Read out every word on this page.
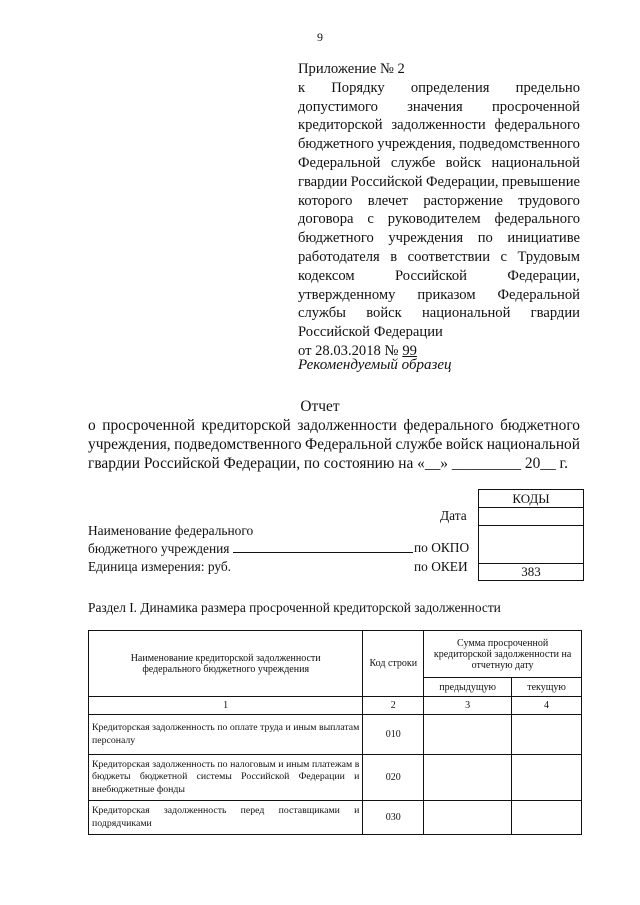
9
Приложение № 2
к Порядку определения предельно
допустимого значения просроченной
кредиторской задолженности федерального
бюджетного учреждения, подведомственного
Федеральной службе войск национальной
гвардии Российской Федерации, превышение
которого влечет расторжение трудового
договора с руководителем федерального
бюджетного учреждения по инициативе
работодателя в соответствии с Трудовым
кодексом	Российской	Федерации,
утвержденному приказом Федеральной
службы войск национальной гвардии
Российской Федерации
от 28.03.2018 № 99
Рекомендуемый образец
Отчет
о просроченной кредиторской задолженности федерального бюджетного
учреждения, подведомственного Федеральной службе войск национальной
гвардии Российской Федерации, по состоянию на «__» _________ 20__ г.
КОДЫ
383
Дата
Наименование федерального
бюджетного учреждения	по ОКПО
Единица измерения: руб.	по ОКЕИ
Раздел I. Динамика размера просроченной кредиторской задолженности
Наименование кредиторской задолженности федерального бюджетного учреждения	Код строки	Сумма просроченной кредиторской задолженности на отчетную дату	
		предыдущую	текущую
1	2	3	4
Кредиторская задолженность по оплате труда и иным выплатам персоналу	010		
Кредиторская задолженность по налоговым и иным платежам в бюджеты бюджетной системы Российской Федерации и внебюджетные фонды	020		
Кредиторская задолженность перед поставщиками и подрядчиками	030		
